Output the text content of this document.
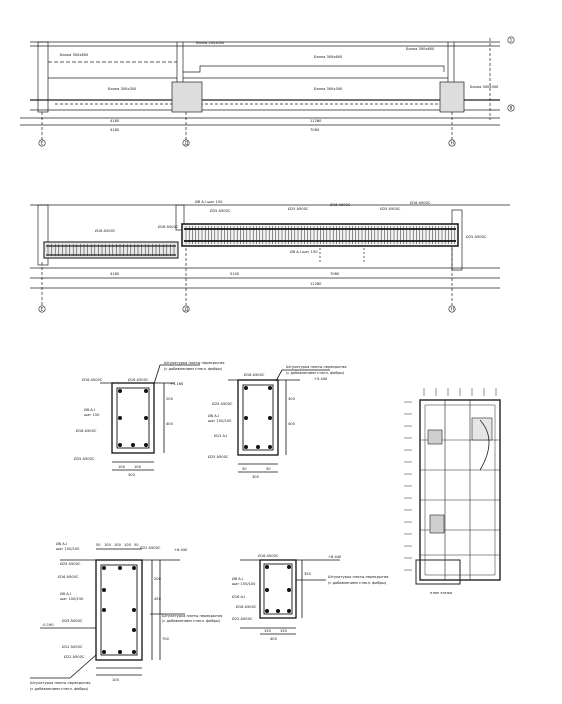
Е	Д	Н
1
8
Балка 300х600
Балка 200х400
Балка 300х600
Балка 300х600
Балка 300х300	Балка 300х300	Балка 300х300
4180	11280
4180	7060
Е	Д	Н
Ø16 A500С
Ø8 A-I шаг 150
Ø25 A500С	Ø25 A500С
Ø16 A500С
Ø25 A500С
Ø16 A500С
Ø16 A500С
Ø8 A-I шаг 150
Ø25 A500С
4180	5100	7060
11280
Штукатурка плиты перекрытия
(с добавлением стекл. фибры)
Ø16 A500С
Ø8 A-I
шаг 150
Ø16 A500С
Ø16 A500С
Ø25 A500С
+5.160
100	100
300
200
400
Штукатурка плиты перекрытия
(с добавлением стекл. фибры)
Ø16 A500С
Ø25 A500С
Ø8 A-I
шаг 150/100
Ø12 A-I
Ø25 A500С
+5.440
300
400
50	50
300
Ø8 A-I
шаг 150/100
Ø25 A500С
Ø16 A500С
Ø8 A-I
шаг 100/150
Ø25 A500С
Ø12 A500С
Ø22 A500С
Ø22 A500С
+6.440
-0.190
Штукатурка плиты перекрытия
(с добавлением стекл. фибры)
50 100 100 100 50
200
450
700
100
Штукатурка плиты перекрытия
(с добавлением стекл. фибры)
Ø16 A500С
Ø8 A-I
шаг 150/100
Ø16 A-I
Ø16 A500С
Ø22 A500С
+6.440
Штукатурка плиты перекрытия
(с добавлением стекл. фибры)
150	150
350
400
план этажа
